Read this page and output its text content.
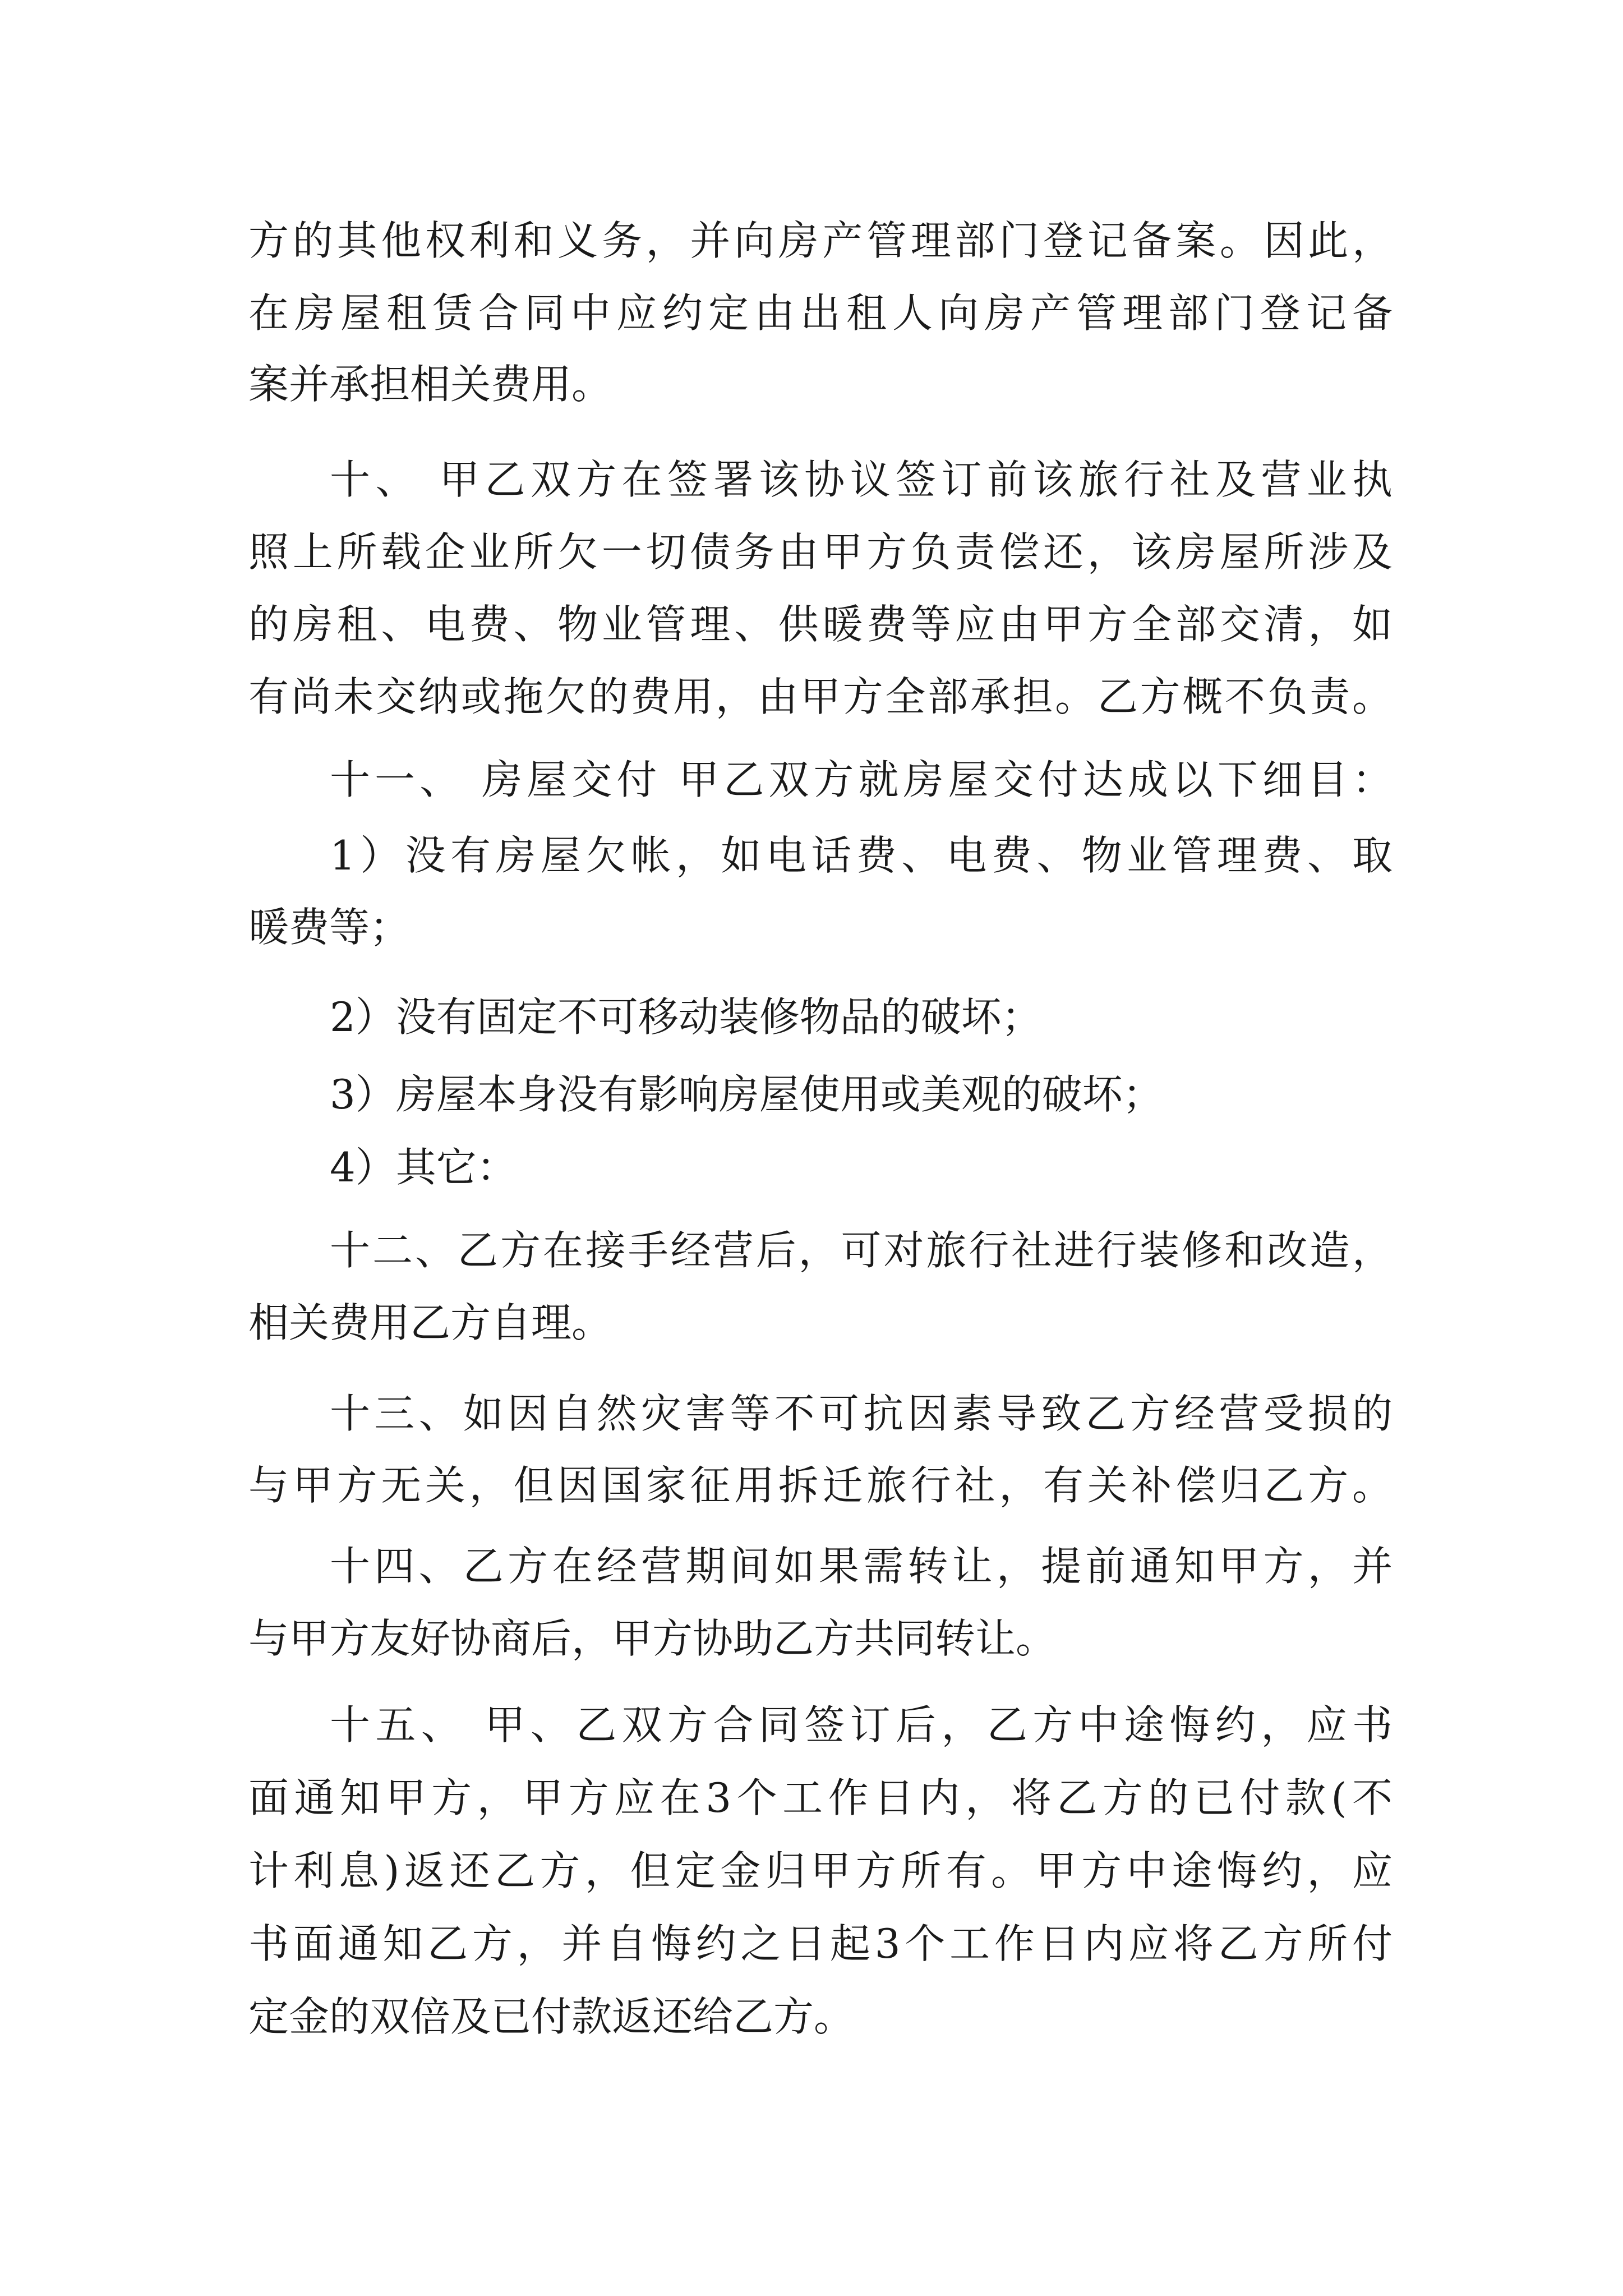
方的其他权利和义务，并向房产管理部门登记备案。因此，

在房屋租赁合同中应约定由出租人向房产管理部门登记备

案并承担相关费用。

十、 甲乙双方在签署该协议签订前该旅行社及营业执

照上所载企业所欠一切债务由甲方负责偿还，该房屋所涉及

的房租、电费、物业管理、供暖费等应由甲方全部交清，如

有尚未交纳或拖欠的费用，由甲方全部承担。乙方概不负责。

十一、 房屋交付 甲乙双方就房屋交付达成以下细目：

1）没有房屋欠帐，如电话费、电费、物业管理费、取

暖费等；

2）没有固定不可移动装修物品的破坏；

3）房屋本身没有影响房屋使用或美观的破坏；

4）其它：

十二、乙方在接手经营后，可对旅行社进行装修和改造，

相关费用乙方自理。

十三、如因自然灾害等不可抗因素导致乙方经营受损的

与甲方无关，但因国家征用拆迁旅行社，有关补偿归乙方。

十四、乙方在经营期间如果需转让，提前通知甲方，并

与甲方友好协商后，甲方协助乙方共同转让。

十五、 甲、乙双方合同签订后，乙方中途悔约，应书

面通知甲方，甲方应在3个工作日内，将乙方的已付款(不

计利息)返还乙方，但定金归甲方所有。甲方中途悔约，应

书面通知乙方，并自悔约之日起3个工作日内应将乙方所付

定金的双倍及已付款返还给乙方。
